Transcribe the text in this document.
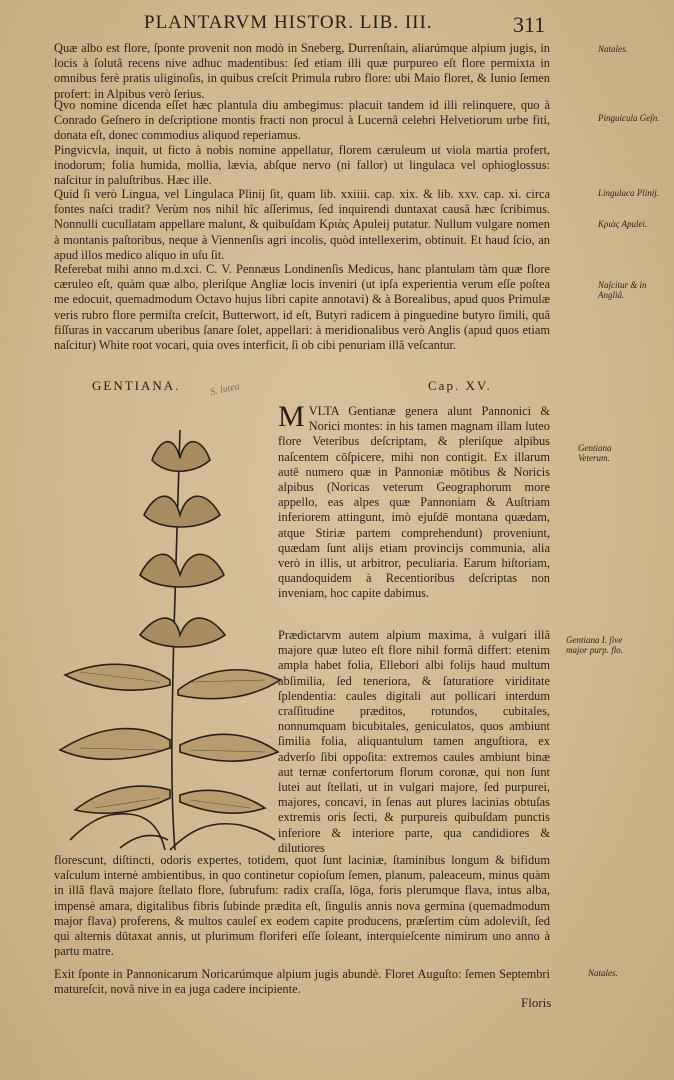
PLANTARVM HISTOR. LIB. III.	311
Natales.
Pinguicula Geſn.
Lingulaca Plinij.
Κριὰς Apulei.
Naſcitur & in Angliâ.
Gentiana Veterum.
Gentiana I. ſive major purp. flo.
Natales.

Quæ albo est flore, ſponte provenit non modò in Sneberg, Durrenſtain, aliarúmque alpium jugis, in locis à ſolutâ recens nive adhuc madentibus: ſed etiam illi quæ purpureo eſt flore permixta in omnibus ferè pratis uliginoſis, in quibus creſcit Primula rubro flore: ubi Maio floret, & Iunio ſemen profert: in Alpibus verò ſerius.

Qvo nomine dicenda eſſet hæc plantula diu ambegimus: placuit tandem id illi relinquere, quo à Conrado Geſnero in deſcriptione montis fracti non procul à Lucernâ celebri Helvetiorum urbe fiti, donata eſt, donec commodius aliquod reperiamus.

Pingvicvla, inquit, ut ficto à nobis nomine appellatur, florem cæruleum ut viola martia profert, inodorum; folia humida, mollia, lævia, abſque nervo (ni fallor) ut lingulaca vel ophioglossus: naſcitur in paluſtribus. Hæc ille.

Quid ſi verò Lingua, vel Lingulaca Plinij ſit, quam lib. xxiiii. cap. xix. & lib. xxv. cap. xi. circa fontes naſci tradit? Verùm nos nihil hîc aſſerimus, ſed inquirendi duntaxat causâ hæc ſcribimus. Nonnulli cucullatam appellare malunt, & quibuſdam Κριὰς Apuleij putatur. Nullum vulgare nomen à montanis paſtoribus, neque à Viennenſis agri incolis, quòd intellexerim, obtinuit. Et haud ſcio, an apud illos medico aliquo in uſu ſit.

Referebat mihi anno m.d.xci. C. V. Pennæus Londinenſis Medicus, hanc plantulam tàm quæ flore cæruleo eſt, quàm quæ albo, pleriſque Angliæ locis inveniri (ut ipſa experientia verum eſſe poſtea me edocuit, quemadmodum Octavo hujus libri capite annotavi) & à Borealibus, apud quos Primulæ veris rubro flore permiſta creſcit, Butterwort, id eſt, Butyri radicem à pinguedine butyro ſimili, quâ fiſſuras in vaccarum uberibus ſanare ſolet, appellari: à meridionalibus verò Anglis (apud quos etiam naſcitur) White root vocari, quia oves interficit, ſi ob cibi penuriam illâ veſcantur.

GENTIANA.	Cap. XV.
S. lutea

MVLTA Gentianæ genera alunt Pannonici & Norici montes: in his tamen magnam illam luteo flore Veteribus deſcriptam, & pleriſque alpibus naſcentem cōſpicere, mihi non contigit. Ex illarum autē numero quæ in Pannoniæ mōtibus & Noricis alpibus (Noricas veterum Geographorum more appello, eas alpes quæ Pannoniam & Auſtriam inferiorem attingunt, imò ejuſdē montana quædam, atque Stiriæ partem comprehendunt) proveniunt, quædam ſunt alijs etiam provincijs communia, alia verò in illis, ut arbitror, peculiaria. Earum hiſtoriam, quandoquidem à Recentioribus deſcriptas non inveniam, hoc capite dabimus.

Prædictarvm autem alpium maxima, à vulgari illâ majore quæ luteo eſt flore nihil formâ differt: etenim ampla habet folia, Ellebori albi folijs haud multum abſimilia, ſed teneriora, & ſaturatiore viriditate ſplendentia: caules digitali aut pollicari interdum craſſitudine præditos, rotundos, cubitales, nonnumquam bicubitales, geniculatos, quos ambiunt ſimilia folia, aliquantulum tamen anguſtiora, ex adverſo ſibi oppoſita: extremos caules ambiunt binæ aut ternæ confertorum florum coronæ, qui non ſunt lutei aut ſtellati, ut in vulgari majore, ſed purpurei, majores, concavi, in ſenas aut plures lacinias obtuſas extremis oris ſecti, & purpureis quibuſdam punctis inferiore & interiore parte, qua candidiores & dilutiores

florescunt, diſtincti, odoris expertes, totidem, quot ſunt laciniæ, ſtaminibus longum & bifidum vaſculum internè ambientibus, in quo continetur copioſum ſemen, planum, paleaceum, minus quàm in illâ flavâ majore ſtellato flore, ſubrufum: radix craſſa, lōga, foris plerumque flava, intus alba, impensè amara, digitalibus fibris ſubinde prædita eſt, ſingulis annis nova germina (quemadmodum major flava) proferens, & multos cauleſ ex eodem capite producens, præſertim cùm adoleviſt, ſed qui alternis dūtaxat annis, ut plurimum floriferi eſſe ſoleant, interquieſcente nimirum uno anno à partu matre.

Exit ſponte in Pannonicarum Noricarúmque alpium jugis abundè. Floret Auguſto: ſemen Septembri matureſcit, novâ nive in ea juga cadere incipiente.

Floris
